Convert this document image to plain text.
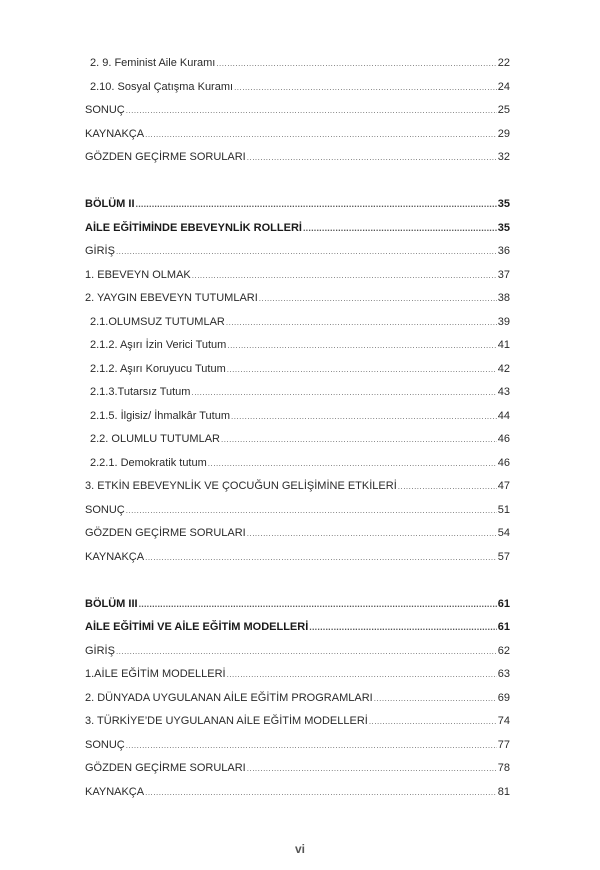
2. 9. Feminist Aile Kuramı .....	22
2.10. Sosyal Çatışma Kuramı .....	24
SONUÇ .....	25
KAYNAKÇA .....	29
GÖZDEN GEÇİRME SORULARI .....	32
BÖLÜM II .....	35
AİLE EĞİTİMİNDE EBEVEYNLİK ROLLERİ .....	35
GİRİŞ .....	36
1. EBEVEYN OLMAK .....	37
2. YAYGIN EBEVEYN TUTUMLARI .....	38
2.1.OLUMSUZ TUTUMLAR .....	39
2.1.2. Aşırı İzin Verici Tutum .....	41
2.1.2. Aşırı Koruyucu Tutum .....	42
2.1.3.Tutarsız Tutum .....	43
2.1.5. İlgisiz/ İhmalkâr Tutum .....	44
2.2. OLUMLU TUTUMLAR .....	46
2.2.1. Demokratik tutum .....	46
3. ETKİN EBEVEYNLİK VE ÇOCUĞUN GELİŞİMİNE ETKİLERİ .....	47
SONUÇ .....	51
GÖZDEN GEÇİRME SORULARI .....	54
KAYNAKÇA .....	57
BÖLÜM III .....	61
AİLE EĞİTİMİ VE AİLE EĞİTİM MODELLERİ .....	61
GİRİŞ .....	62
1.AİLE EĞİTİM MODELLERİ .....	63
2. DÜNYADA UYGULANAN AİLE EĞİTİM PROGRAMLARI .....	69
3. TÜRKİYE’DE UYGULANAN AİLE EĞİTİM MODELLERİ .....	74
SONUÇ .....	77
GÖZDEN GEÇİRME SORULARI .....	78
KAYNAKÇA .....	81
vi
